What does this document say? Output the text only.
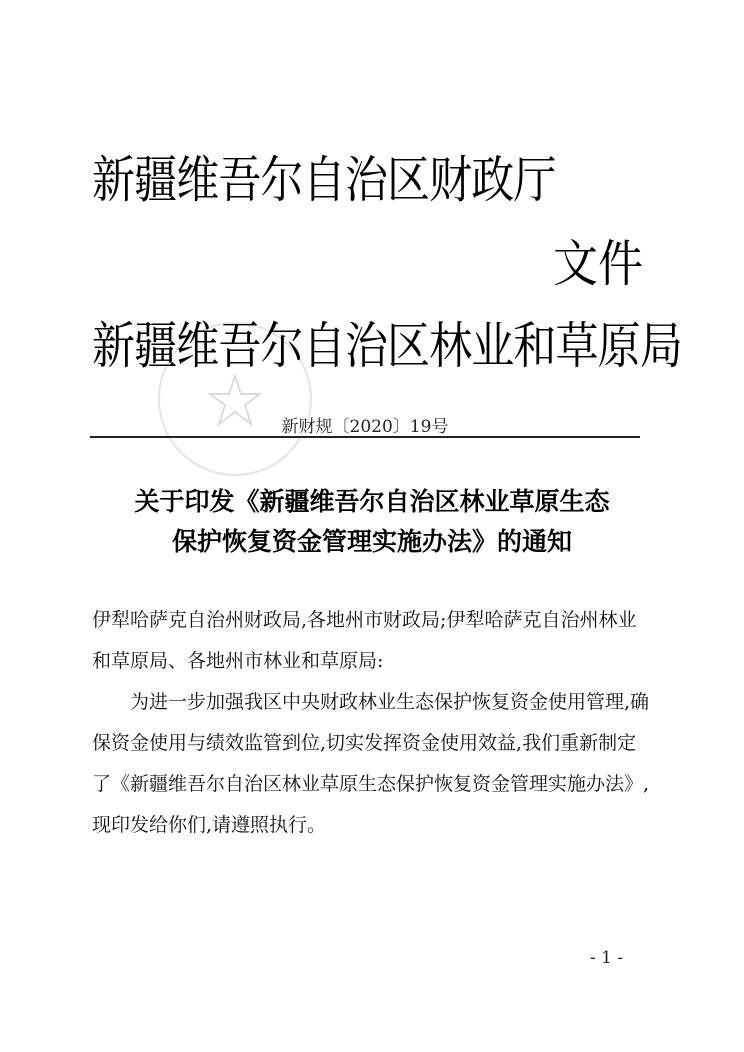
新疆维吾尔自治区财政厅
文件
新疆维吾尔自治区林业和草原局
新财规〔2020〕19号
关于印发《新疆维吾尔自治区林业草原生态
保护恢复资金管理实施办法》的通知

伊犁哈萨克自治州财政局,各地州市财政局;伊犁哈萨克自治州林业和草原局、各地州市林业和草原局:

为进一步加强我区中央财政林业生态保护恢复资金使用管理,确保资金使用与绩效监管到位,切实发挥资金使用效益,我们重新制定了《新疆维吾尔自治区林业草原生态保护恢复资金管理实施办法》,现印发给你们,请遵照执行。

- 1 -
